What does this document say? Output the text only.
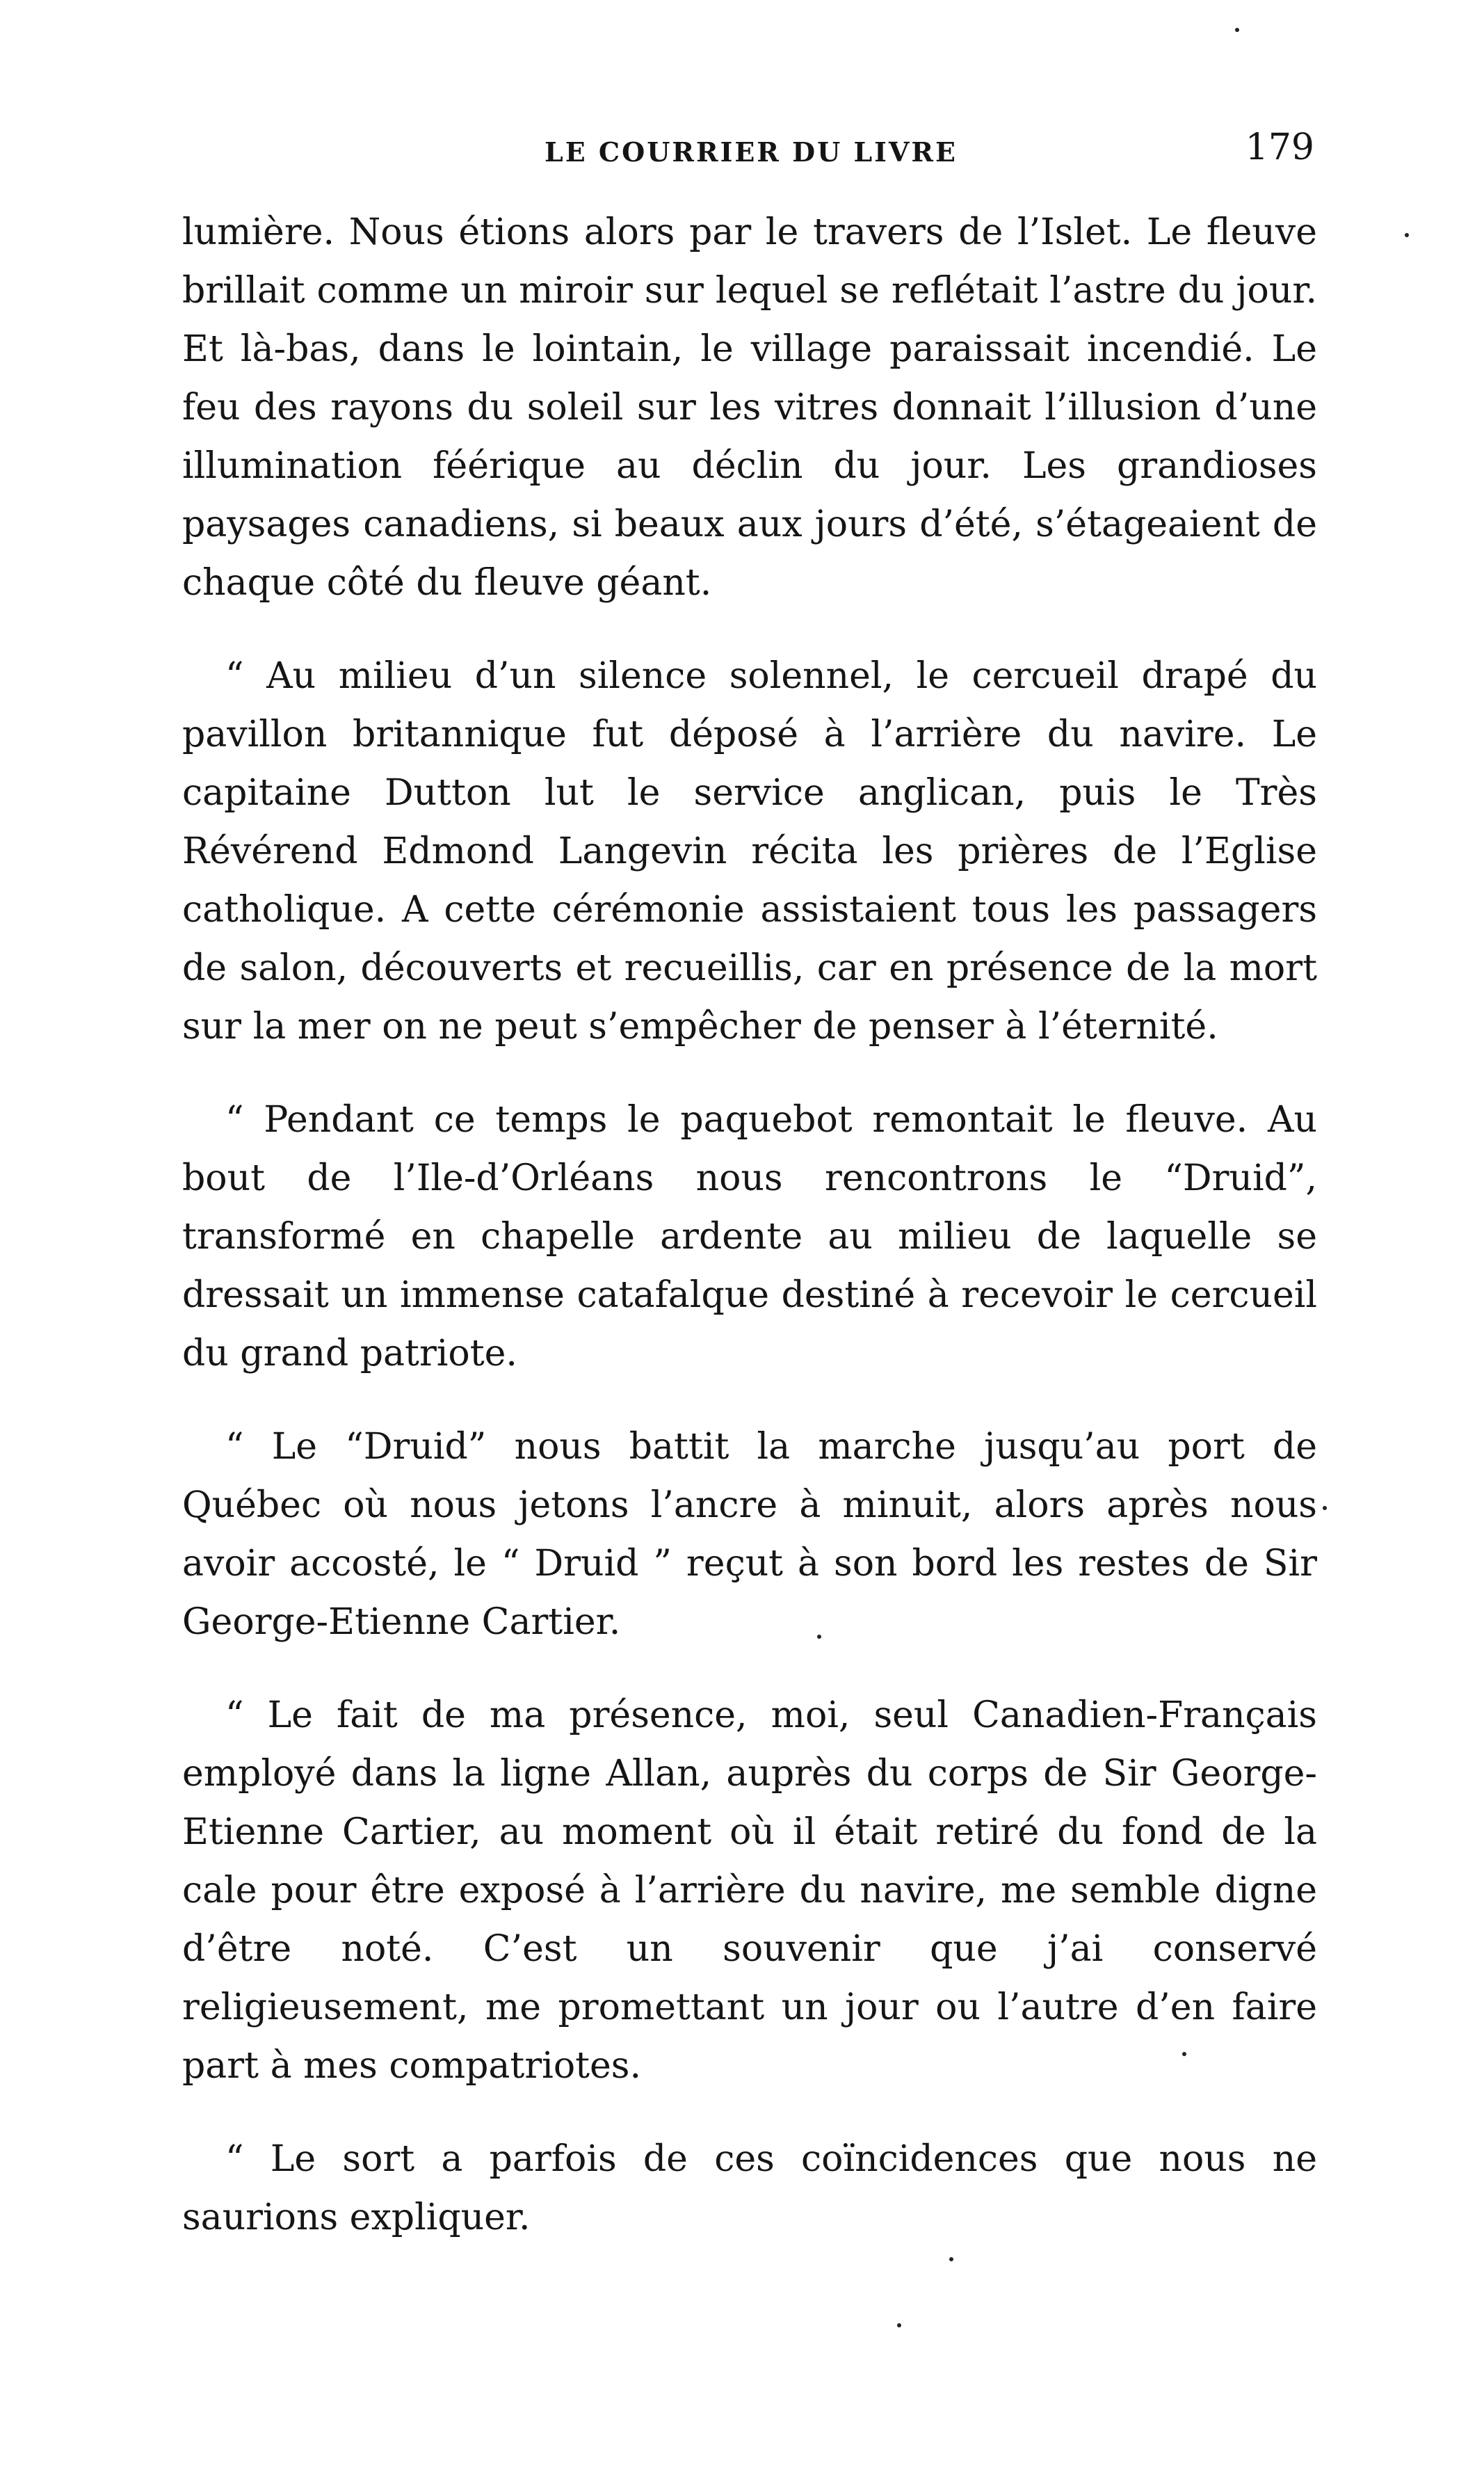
LE COURRIER DU LIVRE	179

lumière. Nous étions alors par le travers de l’Islet. Le fleuve brillait comme un miroir sur lequel se reflétait l’astre du jour. Et là-bas, dans le lointain, le village paraissait incendié. Le feu des rayons du soleil sur les vitres donnait l’illusion d’une illumination féérique au déclin du jour. Les grandioses paysages canadiens, si beaux aux jours d’été, s’étageaient de chaque côté du fleuve géant.

“ Au milieu d’un silence solennel, le cercueil drapé du pavillon britannique fut déposé à l’arrière du navire. Le capitaine Dutton lut le service anglican, puis le Très Révérend Edmond Langevin récita les prières de l’Eglise catholique. A cette cérémonie assistaient tous les passagers de salon, découverts et recueillis, car en présence de la mort sur la mer on ne peut s’empêcher de penser à l’éternité.

“ Pendant ce temps le paquebot remontait le fleuve. Au bout de l’Ile-d’Orléans nous rencontrons le “Druid”, transformé en chapelle ardente au milieu de laquelle se dressait un immense catafalque destiné à recevoir le cercueil du grand patriote.

“ Le “Druid” nous battit la marche jusqu’au port de Québec où nous jetons l’ancre à minuit, alors après nous avoir accosté, le “ Druid ” reçut à son bord les restes de Sir George-Etienne Cartier.

“ Le fait de ma présence, moi, seul Canadien-Français employé dans la ligne Allan, auprès du corps de Sir George-Etienne Cartier, au moment où il était retiré du fond de la cale pour être exposé à l’arrière du navire, me semble digne d’être noté. C’est un souvenir que j’ai conservé religieusement, me promettant un jour ou l’autre d’en faire part à mes compatriotes.

“ Le sort a parfois de ces coïncidences que nous ne saurions expliquer.
